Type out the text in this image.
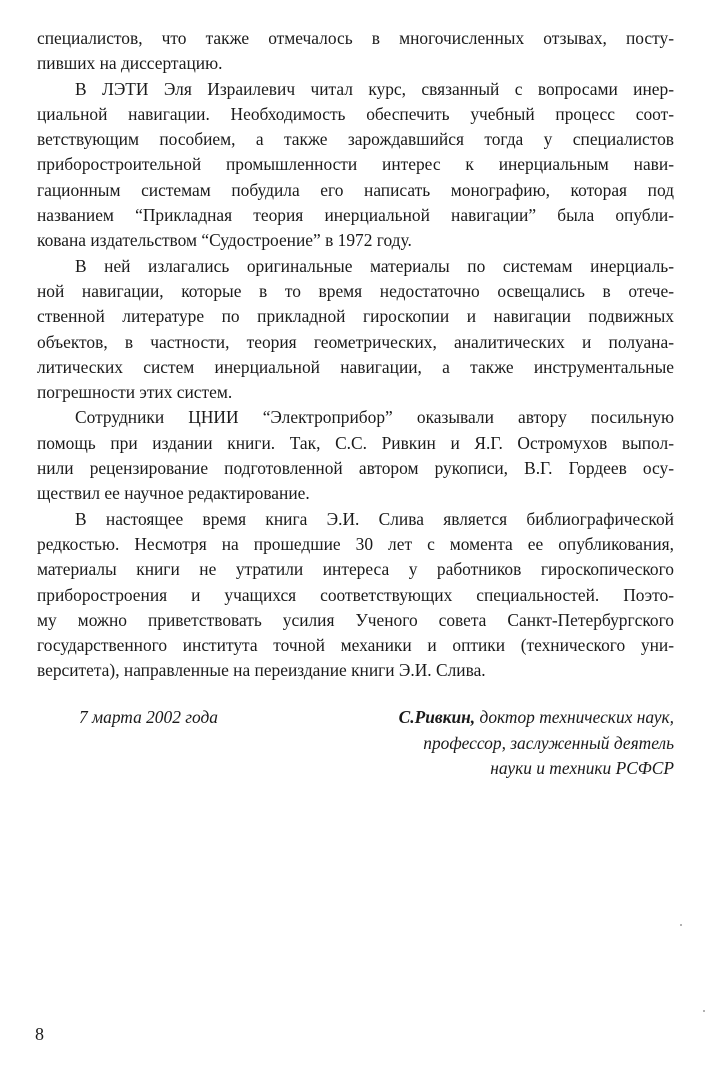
специалистов, что также отмечалось в многочисленных отзывах, посту-
пивших на диссертацию.

В ЛЭТИ Эля Израилевич читал курс, связанный с вопросами инер-
циальной навигации. Необходимость обеспечить учебный процесс соот-
ветствующим пособием, а также зарождавшийся тогда у специалистов
приборостроительной промышленности интерес к инерциальным нави-
гационным системам побудила его написать монографию, которая под
названием “Прикладная теория инерциальной навигации” была опубли-
кована издательством “Судостроение” в 1972 году.

В ней излагались оригинальные материалы по системам инерциаль-
ной навигации, которые в то время недостаточно освещались в отече-
ственной литературе по прикладной гироскопии и навигации подвижных
объектов, в частности, теория геометрических, аналитических и полуана-
литических систем инерциальной навигации, а также инструментальные
погрешности этих систем.

Сотрудники ЦНИИ “Электроприбор” оказывали автору посильную
помощь при издании книги. Так, С.С. Ривкин и Я.Г. Остромухов выпол-
нили рецензирование подготовленной автором рукописи, В.Г. Гордеев осу-
ществил ее научное редактирование.

В настоящее время книга Э.И. Слива является библиографической
редкостью. Несмотря на прошедшие 30 лет с момента ее опубликования,
материалы книги не утратили интереса у работников гироскопического
приборостроения и учащихся соответствующих специальностей. Поэто-
му можно приветствовать усилия Ученого совета Санкт-Петербургского
государственного института точной механики и оптики (технического уни-
верситета), направленные на переиздание книги Э.И. Слива.

7 марта 2002 года	С.Ривкин, доктор технических наук,
профессор, заслуженный деятель
науки и техники РСФСР
8
